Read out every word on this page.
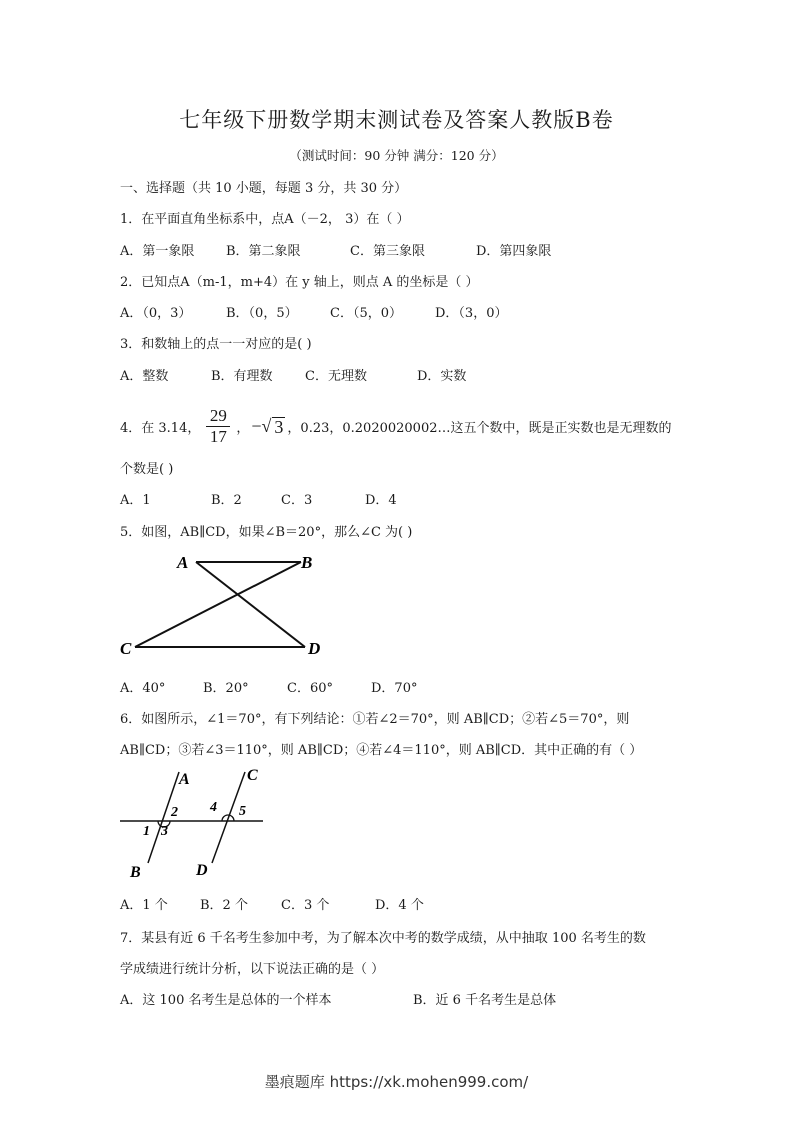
七年级下册数学期末测试卷及答案人教版B卷
（测试时间：90 分钟 满分：120 分）
一、选择题（共 10 小题，每题 3 分，共 30 分）
1．在平面直角坐标系中，点A（－2， 3）在（ ）
A．第一象限 B．第二象限	C．第三象限	D．第四象限
2．已知点A（m-1，m+4）在 y 轴上，则点 A 的坐标是（ ）
A．（0，3）	B．（0，5） C．（5，0）	D．（3，0）
3．和数轴上的点一一对应的是( )
A．整数	B．有理数 C．无理数	D．实数
4．在 3.14， $\frac{29}{17}$ ， − √ 3 ，0.23，0.2020020002…这五个数中，既是正实数也是无理数的
个数是( )
A．1	B．2	C．3	D．4
5．如图，AB∥CD，如果∠B＝20°，那么∠C 为( )
A	B
C	D
A．40°	B．20°	C．60°	D．70°
6．如图所示，∠1＝70°，有下列结论：①若∠2＝70°，则 AB∥CD；②若∠5＝70°，则
AB∥CD；③若∠3＝110°，则 AB∥CD；④若∠4＝110°，则 AB∥CD．其中正确的有（ ）
A	C
B	D
2
1 3
4 5
A．1 个 B．2 个	C．3 个	D．4 个
7．某县有近 6 千名考生参加中考，为了解本次中考的数学成绩，从中抽取 100 名考生的数
学成绩进行统计分析，以下说法正确的是（ ）
A．这 100 名考生是总体的一个样本	B．近 6 千名考生是总体
墨痕题库 https://xk.mohen999.com/
